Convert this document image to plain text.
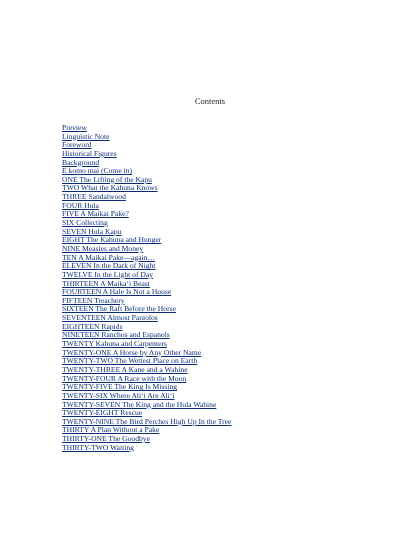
Contents
Preview
Linguistic Note
Foreword
Historical Figures
Background
E komo mai (Come in)
ONE The Lifting of the Kapu
TWO What the Kahuna Knows
THREE Sandalwood
FOUR Hula
FIVE A Maikai Pake?
SIX Collecting
SEVEN Hula Kapu
EIGHT The Kahuna and Hunger
NINE Measles and Money
TEN A Maikai Pake—again…
ELEVEN In the Dark of Night
TWELVE In the Light of Day
THIRTEEN A Maika‘i Beast
FOURTEEN A Hale Is Not a House
FIFTEEN Treachery
SIXTEEN The Raft Before the Horse
SEVENTEEN Almost Paniolos
EIGHTEEN Rapids
NINETEEN Ranchos and Espanols
TWENTY Kahuna and Carpenters
TWENTY-ONE A Horse by Any Other Name
TWENTY-TWO The Wettest Place on Earth
TWENTY-THREE A Kane and a Wahine
TWENTY-FOUR A Race with the Moon
TWENTY-FIVE The King Is Missing
TWENTY-SIX Where Ali‘i Are Ali‘i
TWENTY-SEVEN The King and the Hula Wahine
TWENTY-EIGHT Rescue
TWENTY-NINE The Bird Perches High Up In the Tree
THIRTY A Plan Without a Pake
THIRTY-ONE The Goodbye
THIRTY-TWO Waiting
